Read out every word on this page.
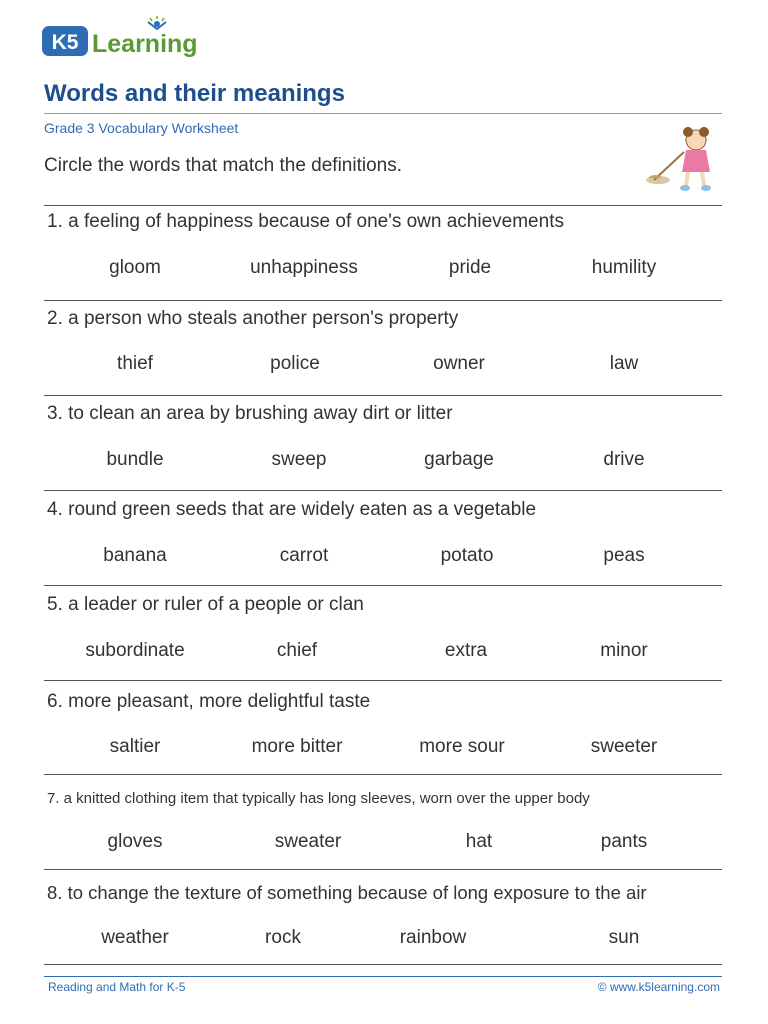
K5 Learning
Words and their meanings
Grade 3 Vocabulary Worksheet
Circle the words that match the definitions.
1. a feeling of happiness because of one's own achievements
gloom	unhappiness	pride	humility
2. a person who steals another person's property
thief	police	owner	law
3. to clean an area by brushing away dirt or litter
bundle	sweep	garbage	drive
4. round green seeds that are widely eaten as a vegetable
banana	carrot	potato	peas
5. a leader or ruler of a people or clan
subordinate	chief	extra	minor
6. more pleasant, more delightful taste
saltier	more bitter	more sour	sweeter
7. a knitted clothing item that typically has long sleeves, worn over the upper body
gloves	sweater	hat	pants
8. to change the texture of something because of long exposure to the air
weather	rock	rainbow	sun
Reading and Math for K-5	© www.k5learning.com
